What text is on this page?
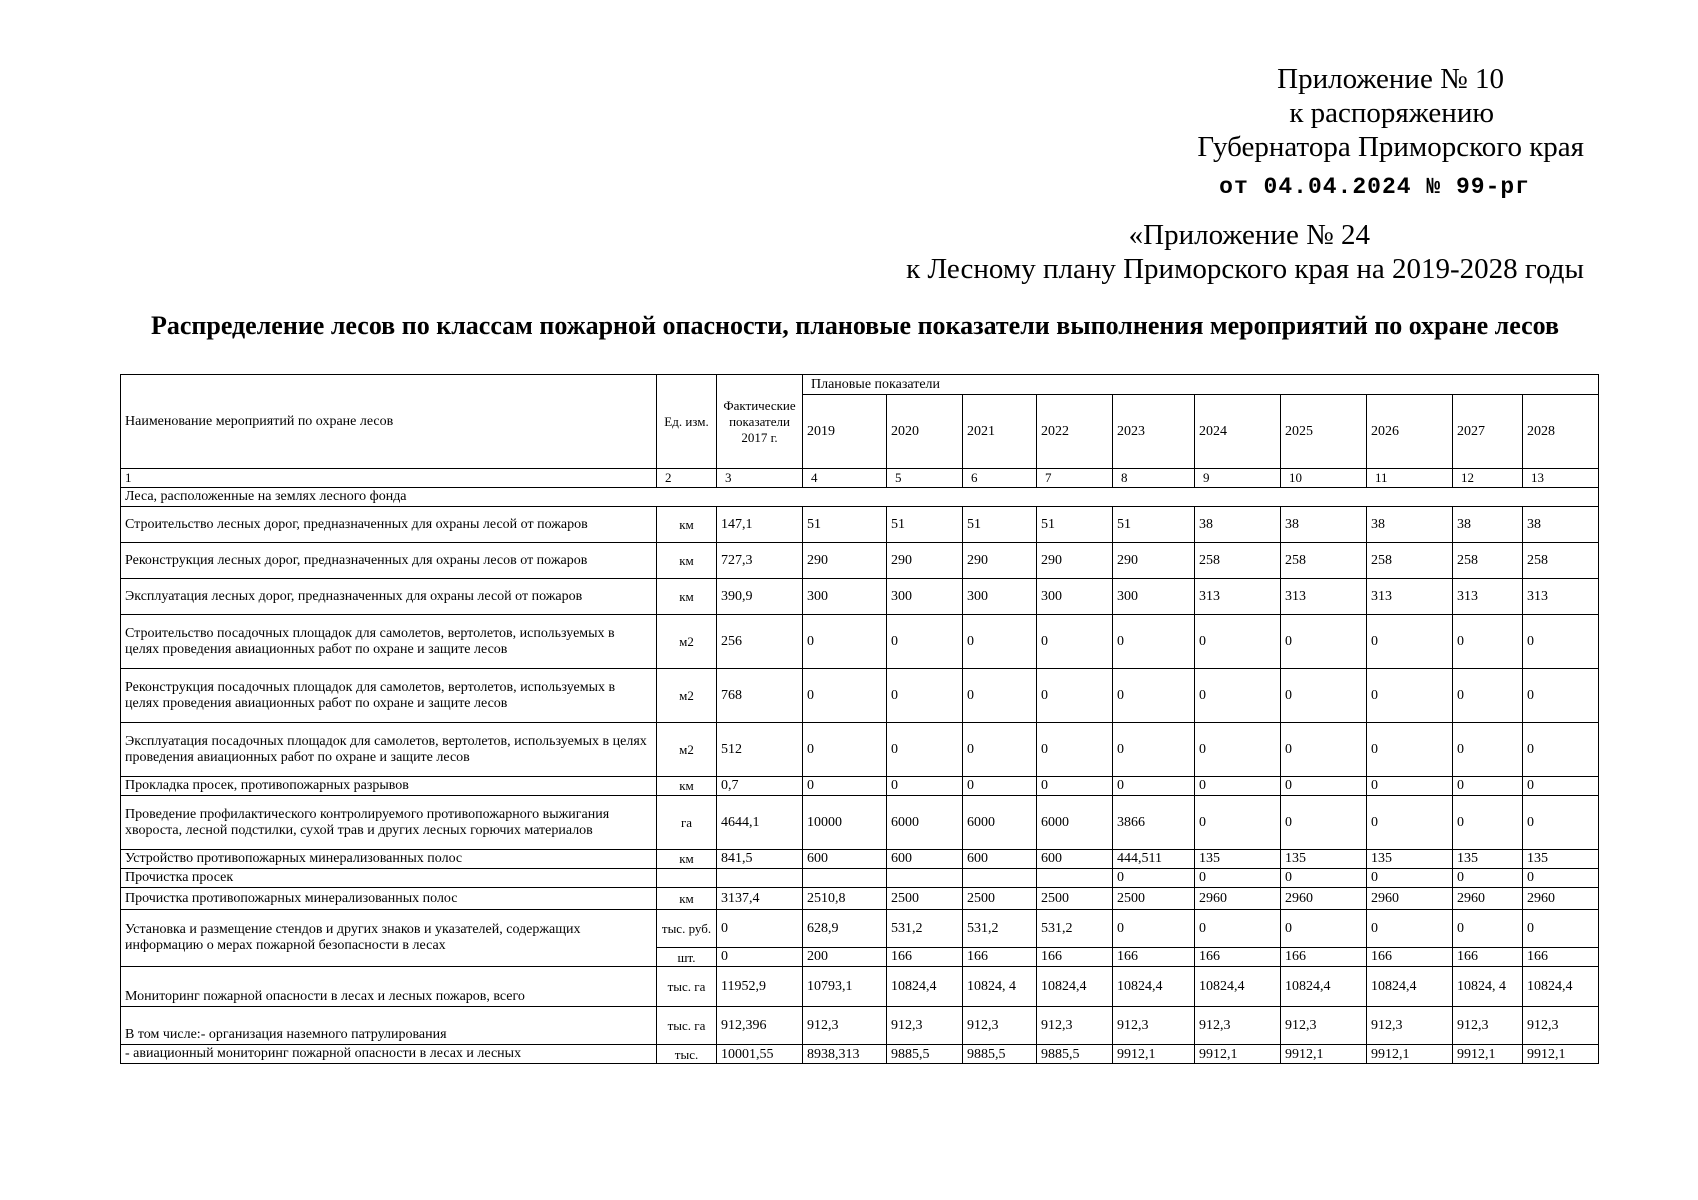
Приложение № 10
к распоряжению
Губернатора Приморского края
от 04.04.2024 № 99-рг
«Приложение № 24
к Лесному плану Приморского края на 2019-2028 годы
Распределение лесов по классам пожарной опасности, плановые показатели выполнения мероприятий по охране лесов
Наименование мероприятий по охране лесов	Ед. изм.	Фактические показатели 2017 г.	Плановые показатели									
			2019	2020	2021	2022	2023	2024	2025	2026	2027	2028
1	2	3	4	5	6	7	8	9	10	11	12	13
Леса, расположенные на землях лесного фонда												
Строительство лесных дорог, предназначенных для охраны лесой от пожаров	км	147,1	51	51	51	51	51	38	38	38	38	38
Реконструкция лесных дорог, предназначенных для охраны лесов от пожаров	км	727,3	290	290	290	290	290	258	258	258	258	258
Эксплуатация лесных дорог, предназначенных для охраны лесой от пожаров	км	390,9	300	300	300	300	300	313	313	313	313	313
Строительство посадочных площадок для самолетов, вертолетов, используемых в целях проведения авиационных работ по охране и защите лесов	м2	256	0	0	0	0	0	0	0	0	0	0
Реконструкция посадочных площадок для самолетов, вертолетов, используемых в целях проведения авиационных работ по охране и защите лесов	м2	768	0	0	0	0	0	0	0	0	0	0
Эксплуатация посадочных площадок для самолетов, вертолетов, используемых в целях проведения авиационных работ по охране и защите лесов	м2	512	0	0	0	0	0	0	0	0	0	0
Прокладка просек, противопожарных разрывов	км	0,7	0	0	0	0	0	0	0	0	0	0
Проведение профилактического контролируемого противопожарного выжигания хвороста, лесной подстилки, сухой трав и других лесных горючих материалов	га	4644,1	10000	6000	6000	6000	3866	0	0	0	0	0
Устройство противопожарных минерализованных полос	км	841,5	600	600	600	600	444,511	135	135	135	135	135
Прочистка просек							0	0	0	0	0	0
Прочистка противопожарных минерализованных полос	км	3137,4	2510,8	2500	2500	2500	2500	2960	2960	2960	2960	2960
Установка и размещение стендов и других знаков и указателей, содержащих информацию о мерах пожарной безопасности в лесах	тыс. руб.	0	628,9	531,2	531,2	531,2	0	0	0	0	0	0
	шт.	0	200	166	166	166	166	166	166	166	166	166
Мониторинг пожарной опасности в лесах и лесных пожаров, всего	тыс. га	11952,9	10793,1	10824,4	10824, 4	10824,4	10824,4	10824,4	10824,4	10824,4	10824, 4	10824,4
В том числе:- организация наземного патрулирования	тыс. га	912,396	912,3	912,3	912,3	912,3	912,3	912,3	912,3	912,3	912,3	912,3
- авиационный мониторинг пожарной опасности в лесах и лесных	тыс.	10001,55	8938,313	9885,5	9885,5	9885,5	9912,1	9912,1	9912,1	9912,1	9912,1	9912,1
